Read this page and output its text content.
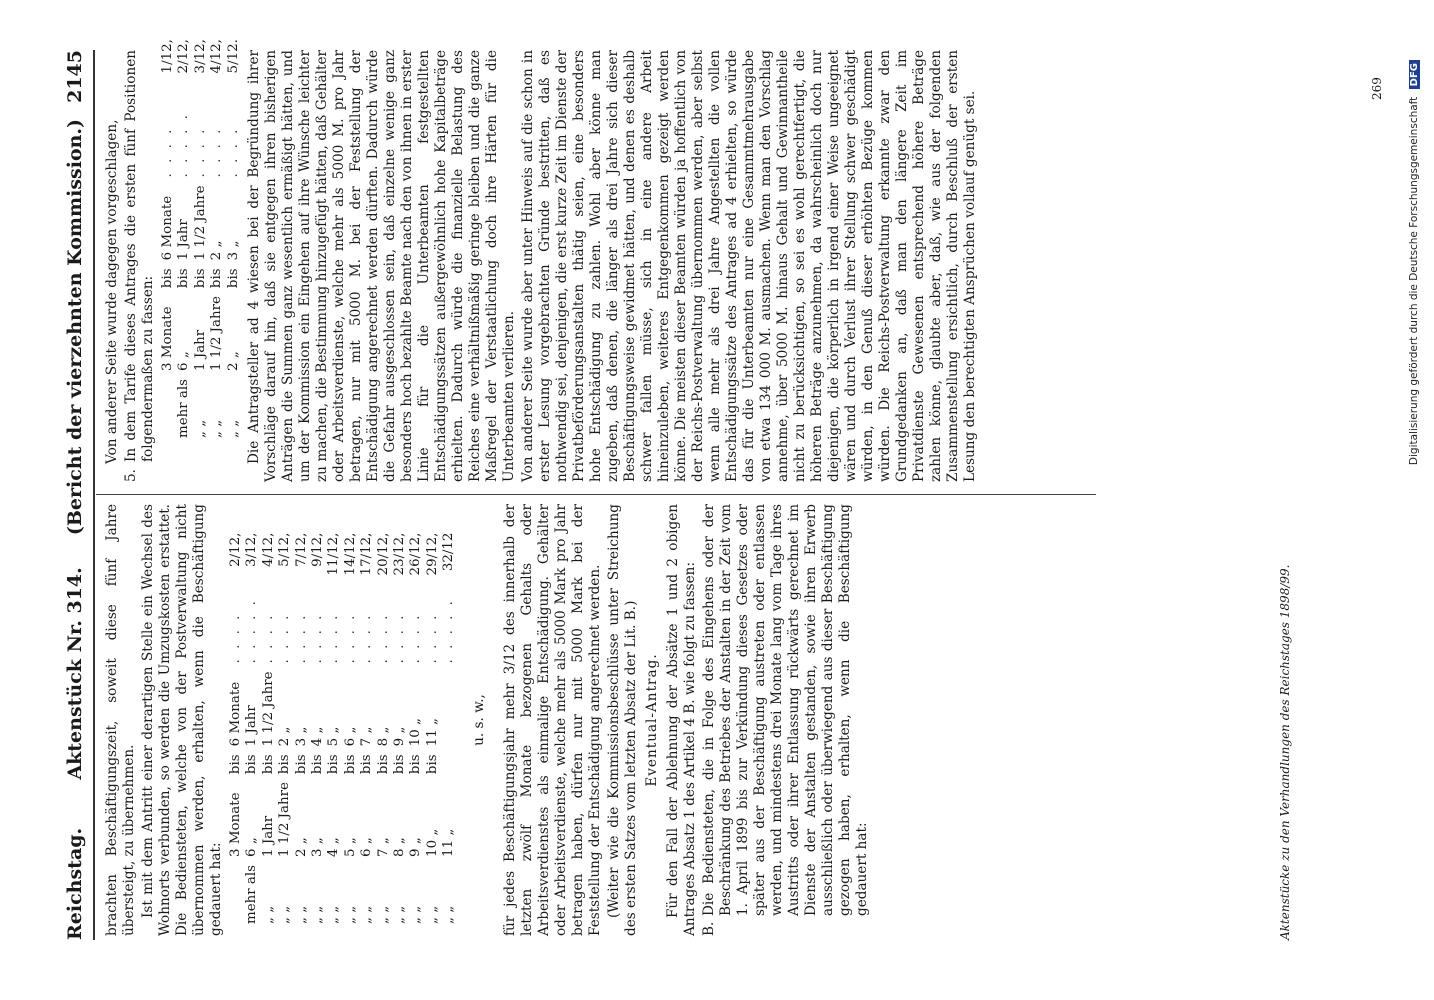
Reichstag.
Aktenstück Nr. 314.
(Bericht der vierzehnten Kommission.)
2145

brachten Beschäftigungszeit, soweit diese fünf Jahre übersteigt, zu übernehmen. Ist mit dem Antritt einer derartigen Stelle ein Wechsel des Wohnorts verbunden, so werden die Umzugskosten erstattet. Die Bediensteten, welche von der Postverwaltung nicht übernommen werden, erhalten, wenn die Beschäftigung gedauert hat:

	3 Monate	bis	6 Monate	. . . .	2/12,
mehr als	6 „	bis	1 Jahr	. . . . .	3/12,
„ „	1 Jahr	bis	1 1/2 Jahre	. . . .	4/12,
„ „	1 1/2 Jahre	bis	2 „	. . . .	5/12,
„ „	2 „	bis	3 „	. . . .	7/12,
„ „	3 „	bis	4 „	. . . .	9/12,
„ „	4 „	bis	5 „	. . . .	11/12,
„ „	5 „	bis	6 „	. . . .	14/12,
„ „	6 „	bis	7 „	. . . .	17/12,
„ „	7 „	bis	8 „	. . . .	20/12,
„ „	8 „	bis	9 „	. . . .	23/12,
„ „	9 „	bis	10 „	. . . .	26/12,
„ „	10 „	bis	11 „	. . . .	29/12,
„ „	11 „			. . . . .	32/12

u. s. w., für jedes Beschäftigungsjahr mehr 3/12 des innerhalb der letzten zwölf Monate bezogenen Gehalts oder Arbeitsverdienstes als einmalige Entschädigung. Gehälter oder Arbeitsverdienste, welche mehr als 5000 Mark pro Jahr betragen haben, dürfen nur mit 5000 Mark bei der Feststellung der Entschädigung angerechnet werden. (Weiter wie die Kommissionsbeschlüsse unter Streichung des ersten Satzes vom letzten Absatz der Lit. B.) Eventual-Antrag. Für den Fall der Ablehnung der Absätze 1 und 2 obigen Antrages Absatz 1 des Artikel 4 B. wie folgt zu fassen: B.
Die Bediensteten, die in Folge des Eingehens oder der Beschränkung des Betriebes der Anstalten in der Zeit vom 1. April 1899 bis zur Verkündung dieses Gesetzes oder später aus der Beschäftigung austreten oder entlassen werden, und mindestens drei Monate lang vom Tage ihres Austritts oder ihrer Entlassung rückwärts gerechnet im Dienste der Anstalten gestanden, sowie ihren Erwerb ausschließlich oder überwiegend aus dieser Beschäftigung gezogen haben, erhalten, wenn die Beschäftigung gedauert hat:

Von anderer Seite wurde dagegen vorgeschlagen,

5.
In dem Tarife dieses Antrages die ersten fünf Positionen folgendermaßen zu fassen:
	3 Monate	bis	6 Monate	. . . .	1/12,
mehr als	6 „	bis	1 Jahr	. . . . .	2/12,
„ „	1 Jahr	bis	1 1/2 Jahre	. . . .	3/12,
„ „	1 1/2 Jahre	bis	2 „	. . . .	4/12,
„ „	2 „	bis	3 „	. . . .	5/12. Die Antragsteller ad 4 wiesen bei der Begründung ihrer Vorschläge darauf hin, daß sie entgegen ihren bisherigen Anträgen die Summen ganz wesentlich ermäßigt hätten, und um der Kommission ein Eingehen auf ihre Wünsche leichter zu machen, die Bestimmung hinzugefügt hätten, daß Gehälter oder Arbeitsverdienste, welche mehr als 5000 M. pro Jahr betragen, nur mit 5000 M. bei der Feststellung der Entschädigung angerechnet werden dürften. Dadurch würde die Gefahr ausgeschlossen sein, daß einzelne wenige ganz besonders hoch bezahlte Beamte nach den von ihnen in erster Linie für die Unterbeamten festgestellten Entschädigungssätzen außergewöhnlich hohe Kapitalbeträge erhielten. Dadurch würde die finanzielle Belastung des Reiches eine verhältnißmäßig geringe bleiben und die ganze Maßregel der Verstaatlichung doch ihre Härten für die Unterbeamten verlieren. Von anderer Seite wurde aber unter Hinweis auf die schon in erster Lesung vorgebrachten Gründe bestritten, daß es nothwendig sei, denjenigen, die erst kurze Zeit im Dienste der Privatbeförderungsanstalten thätig seien, eine besonders hohe Entschädigung zu zahlen. Wohl aber könne man zugeben, daß denen, die länger als drei Jahre sich dieser Beschäftigungsweise gewidmet hätten, und denen es deshalb schwer fallen müsse, sich in eine andere Arbeit hineinzuleben, weiteres Entgegenkommen gezeigt werden könne. Die meisten dieser Beamten würden ja hoffentlich von der Reichs-Postverwaltung übernommen werden, aber selbst wenn alle mehr als drei Jahre Angestellten die vollen Entschädigungssätze des Antrages ad 4 erhielten, so würde das für die Unterbeamten nur eine Gesammtmehrausgabe von etwa 134 000 M. ausmachen. Wenn man den Vorschlag annehme, über 5000 M. hinaus Gehalt und Gewinnantheile nicht zu berücksichtigen, so sei es wohl gerechtfertigt, die höheren Beträge anzunehmen, da wahrscheinlich doch nur diejenigen, die körperlich in irgend einer Weise ungeeignet wären und durch Verlust ihrer Stellung schwer geschädigt würden, in den Genuß dieser erhöhten Bezüge kommen würden. Die Reichs-Postverwaltung erkannte zwar den Grundgedanken an, daß man den längere Zeit im Privatdienste Gewesenen entsprechend höhere Beträge zahlen könne, glaubte aber, daß, wie aus der folgenden Zusammenstellung ersichtlich, durch Beschluß der ersten Lesung den berechtigten Ansprüchen vollauf genügt sei.

Aktenstücke zu den Verhandlungen des Reichstages 1898/99.
269
Digitalisierung gefördert durch die Deutsche Forschungsgemeinschaft DFG
